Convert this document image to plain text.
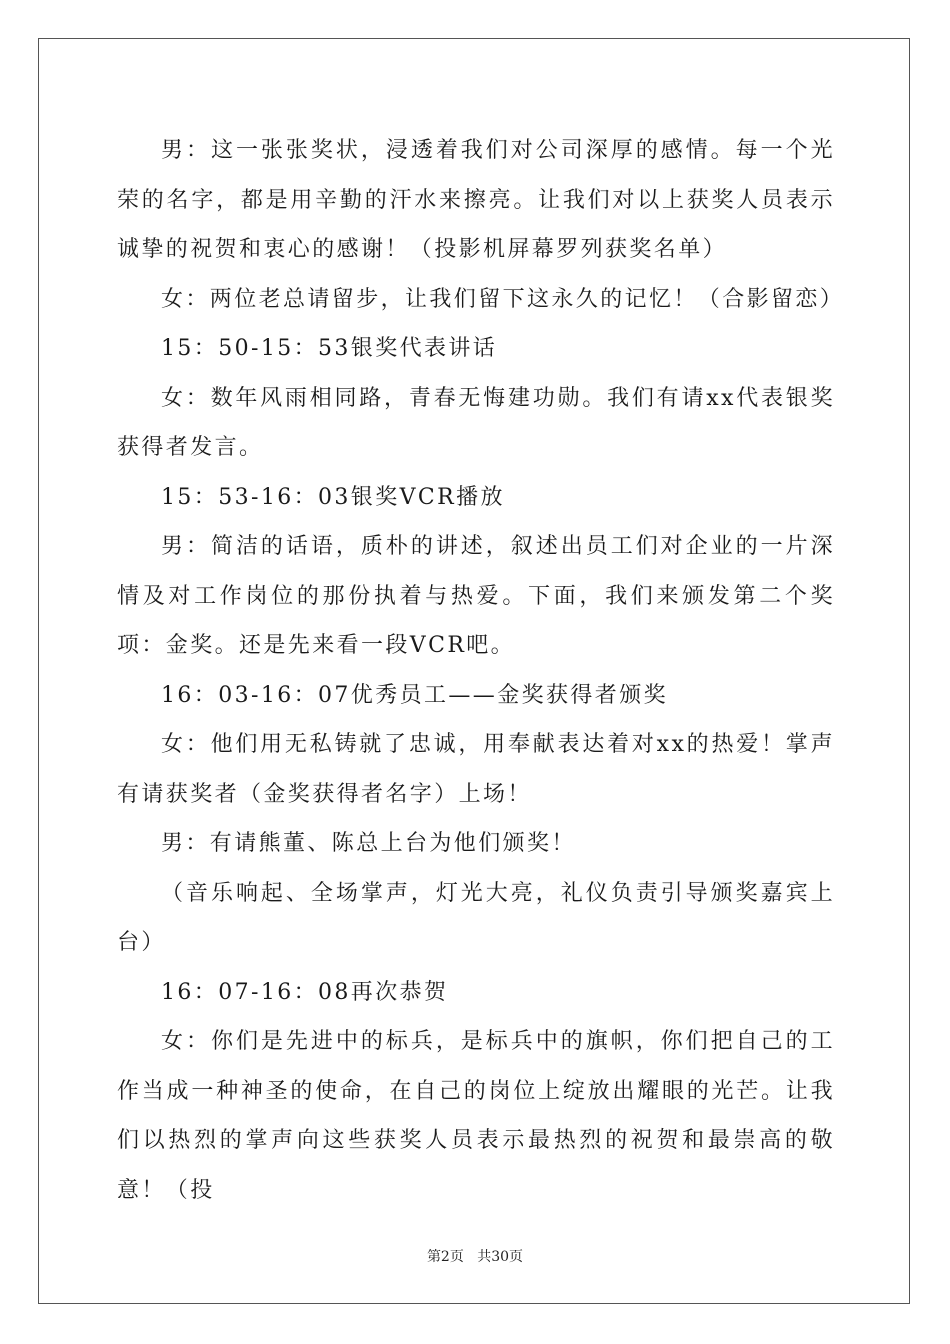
男：这一张张奖状，浸透着我们对公司深厚的感情。每一个光荣的名字，都是用辛勤的汗水来擦亮。让我们对以上获奖人员表示诚挚的祝贺和衷心的感谢！（投影机屏幕罗列获奖名单）

女：两位老总请留步，让我们留下这永久的记忆！（合影留恋）

15：50-15：53银奖代表讲话

女：数年风雨相同路，青春无悔建功勋。我们有请xx代表银奖获得者发言。

15：53-16：03银奖VCR播放

男：简洁的话语，质朴的讲述，叙述出员工们对企业的一片深情及对工作岗位的那份执着与热爱。下面，我们来颁发第二个奖项：金奖。还是先来看一段VCR吧。

16：03-16：07优秀员工——金奖获得者颁奖

女：他们用无私铸就了忠诚，用奉献表达着对xx的热爱！掌声有请获奖者（金奖获得者名字）上场！

男：有请熊董、陈总上台为他们颁奖！

（音乐响起、全场掌声，灯光大亮，礼仪负责引导颁奖嘉宾上台）

16：07-16：08再次恭贺

女：你们是先进中的标兵，是标兵中的旗帜，你们把自己的工作当成一种神圣的使命，在自己的岗位上绽放出耀眼的光芒。让我们以热烈的掌声向这些获奖人员表示最热烈的祝贺和最崇高的敬意！（投

第2页 共30页
